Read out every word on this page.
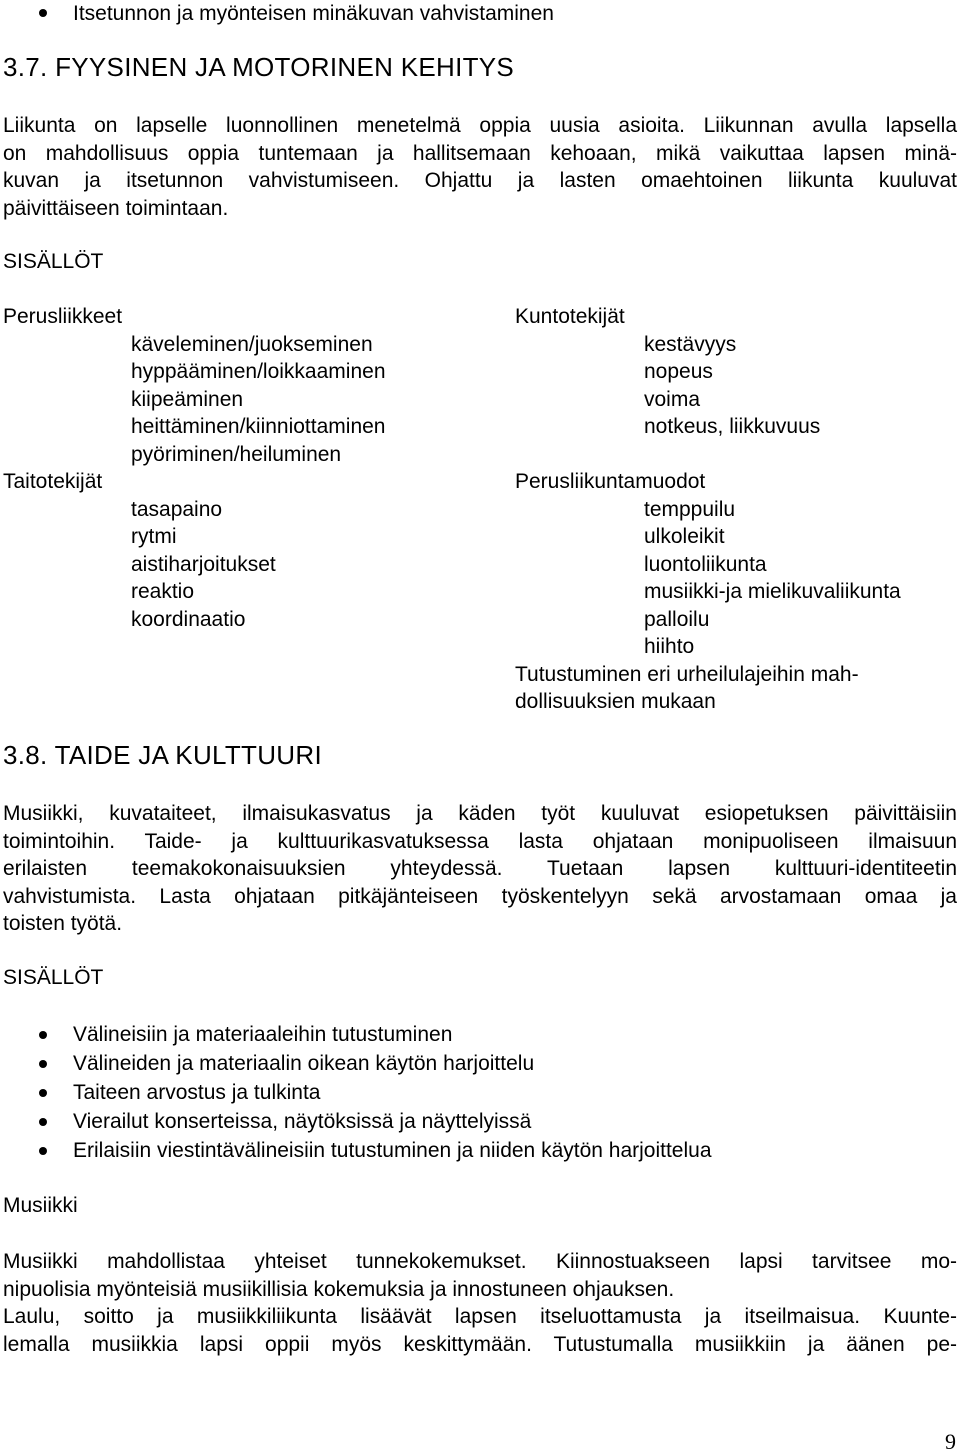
Itsetunnon ja myönteisen minäkuvan vahvistaminen
3.7. FYYSINEN JA MOTORINEN KEHITYS
Liikunta on lapselle luonnollinen menetelmä oppia uusia asioita. Liikunnan avulla lapsella
on mahdollisuus oppia tuntemaan ja hallitsemaan kehoaan, mikä vaikuttaa lapsen minä-
kuvan ja itsetunnon vahvistumiseen. Ohjattu ja lasten omaehtoinen liikunta kuuluvat
päivittäiseen toimintaan.
SISÄLLÖT
Perusliikkeet
käveleminen/juokseminen
hyppääminen/loikkaaminen
kiipeäminen
heittäminen/kiinniottaminen
pyöriminen/heiluminen
Taitotekijät
tasapaino
rytmi
aistiharjoitukset
reaktio
koordinaatio
Kuntotekijät
kestävyys
nopeus
voima
notkeus, liikkuvuus
Perusliikuntamuodot
temppuilu
ulkoleikit
luontoliikunta
musiikki-ja mielikuvaliikunta
palloilu
hiihto
Tutustuminen eri urheilulajeihin mah-
dollisuuksien mukaan
3.8. TAIDE JA KULTTUURI
Musiikki, kuvataiteet, ilmaisukasvatus ja käden työt kuuluvat esiopetuksen päivittäisiin
toimintoihin. Taide- ja kulttuurikasvatuksessa lasta ohjataan monipuoliseen ilmaisuun
erilaisten teemakokonaisuuksien yhteydessä. Tuetaan lapsen kulttuuri-identiteetin
vahvistumista. Lasta ohjataan pitkäjänteiseen työskentelyyn sekä arvostamaan omaa ja
toisten työtä.
SISÄLLÖT
Välineisiin ja materiaaleihin tutustuminen
Välineiden ja materiaalin oikean käytön harjoittelu
Taiteen arvostus ja tulkinta
Vierailut konserteissa, näytöksissä ja näyttelyissä
Erilaisiin viestintävälineisiin tutustuminen ja niiden käytön harjoittelua
Musiikki
Musiikki mahdollistaa yhteiset tunnekokemukset. Kiinnostuakseen lapsi tarvitsee mo-
nipuolisia myönteisiä musiikillisia kokemuksia ja innostuneen ohjauksen.
Laulu, soitto ja musiikkiliikunta lisäävät lapsen itseluottamusta ja itseilmaisua. Kuunte-
lemalla musiikkia lapsi oppii myös keskittymään. Tutustumalla musiikkiin ja äänen pe-
9
